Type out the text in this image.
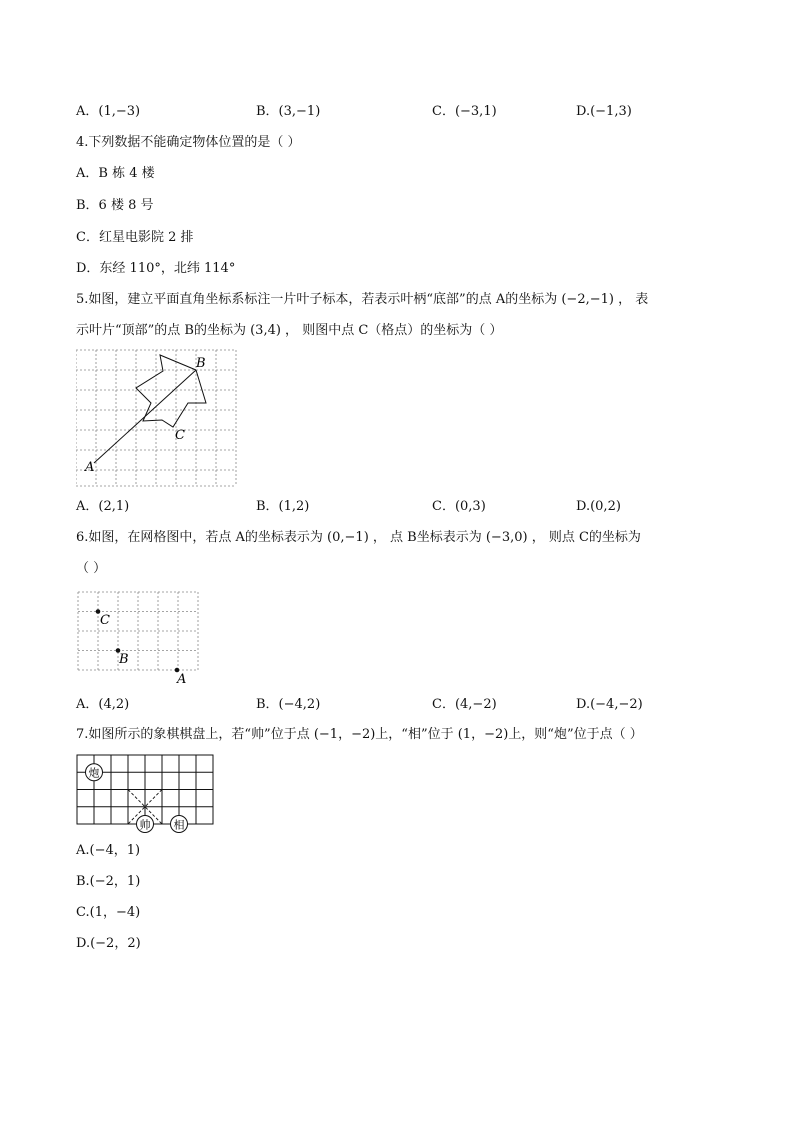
A．(1,−3)	B．(3,−1)	C．(−3,1)	D.(−1,3)
4.下列数据不能确定物体位置的是（ ）
A．B 栋 4 楼
B．6 楼 8 号
C．红星电影院 2 排
D．东经 110°，北纬 114°
5.如图，建立平面直角坐标系标注一片叶子标本，若表示叶柄“底部”的点 A的坐标为 (−2,−1) ， 表
示叶片“顶部”的点 B的坐标为 (3,4) ， 则图中点 C（格点）的坐标为（ ）
B
C
A
A．(2,1)	B．(1,2)	C．(0,3)	D.(0,2)
6.如图，在网格图中，若点 A的坐标表示为 (0,−1) ， 点 B坐标表示为 (−3,0) ， 则点 C的坐标为
（ ）
C
B
A
A．(4,2)	B．(−4,2)	C．(4,−2)	D.(−4,−2)
7.如图所示的象棋棋盘上，若“帅”位于点 (−1，−2)上，“相”位于 (1，−2)上，则“炮”位于点（ ）
炮
帅 相
A.(−4，1)
B.(−2，1)
C.(1，−4)
D.(−2，2)
